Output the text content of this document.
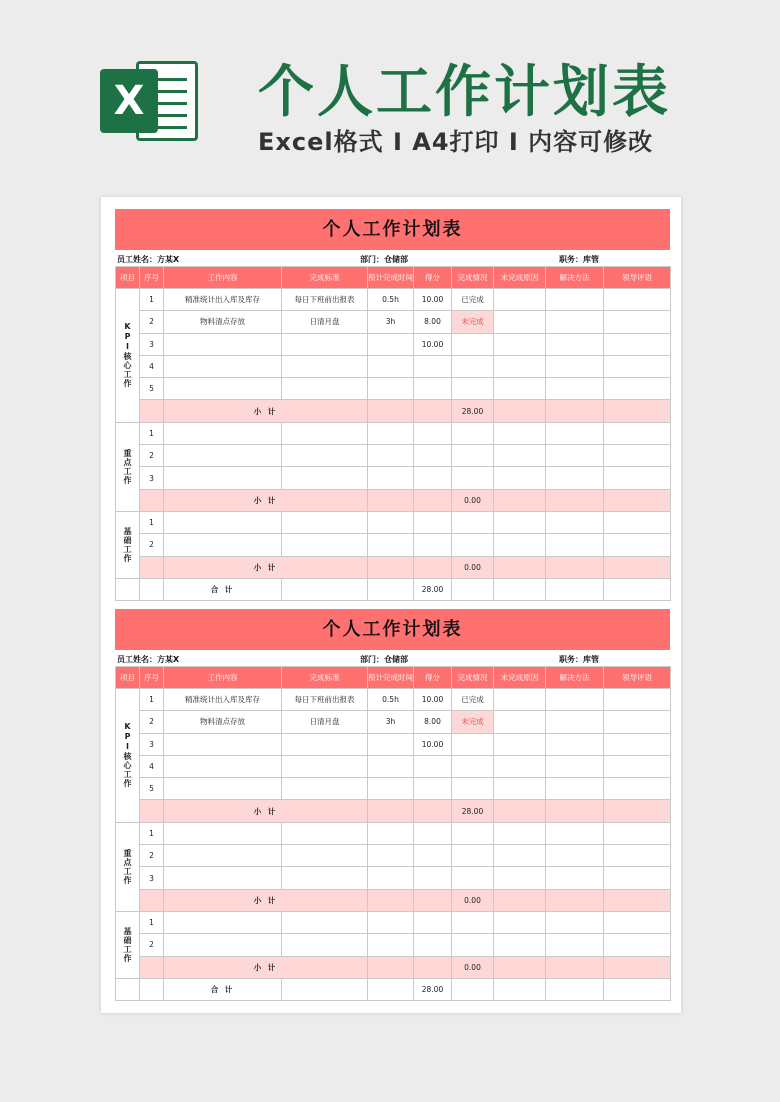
X 个人工作计划表
Excel格式 I A4打印 I 内容可修改
个人工作计划表
员工姓名：方某X	部门：仓储部	职务：库管
项目	序号	工作内容	完成标准	预计完成时间	得分	完成情况	未完成原因	解决方法	领导评语	
KPI核心工作	1	精准统计出入库及库存	每日下班前出报表	0.5h	10.00	已完成				
	2	物料清点存放	日清月盘	3h	8.00	未完成				
	3				10.00					
	4									
	5									
		小 计				28.00				
重点工作	1									
	2									
	3									
		小 计				0.00				
基础工作	1									
	2									
		小 计				0.00				
		合 计			28.00					
个人工作计划表
员工姓名：方某X	部门：仓储部	职务：库管
项目	序号	工作内容	完成标准	预计完成时间	得分	完成情况	未完成原因	解决方法	领导评语	
KPI核心工作	1	精准统计出入库及库存	每日下班前出报表	0.5h	10.00	已完成				
	2	物料清点存放	日清月盘	3h	8.00	未完成				
	3				10.00					
	4									
	5									
		小 计				28.00				
重点工作	1									
	2									
	3									
		小 计				0.00				
基础工作	1									
	2									
		小 计				0.00				
		合 计			28.00					
